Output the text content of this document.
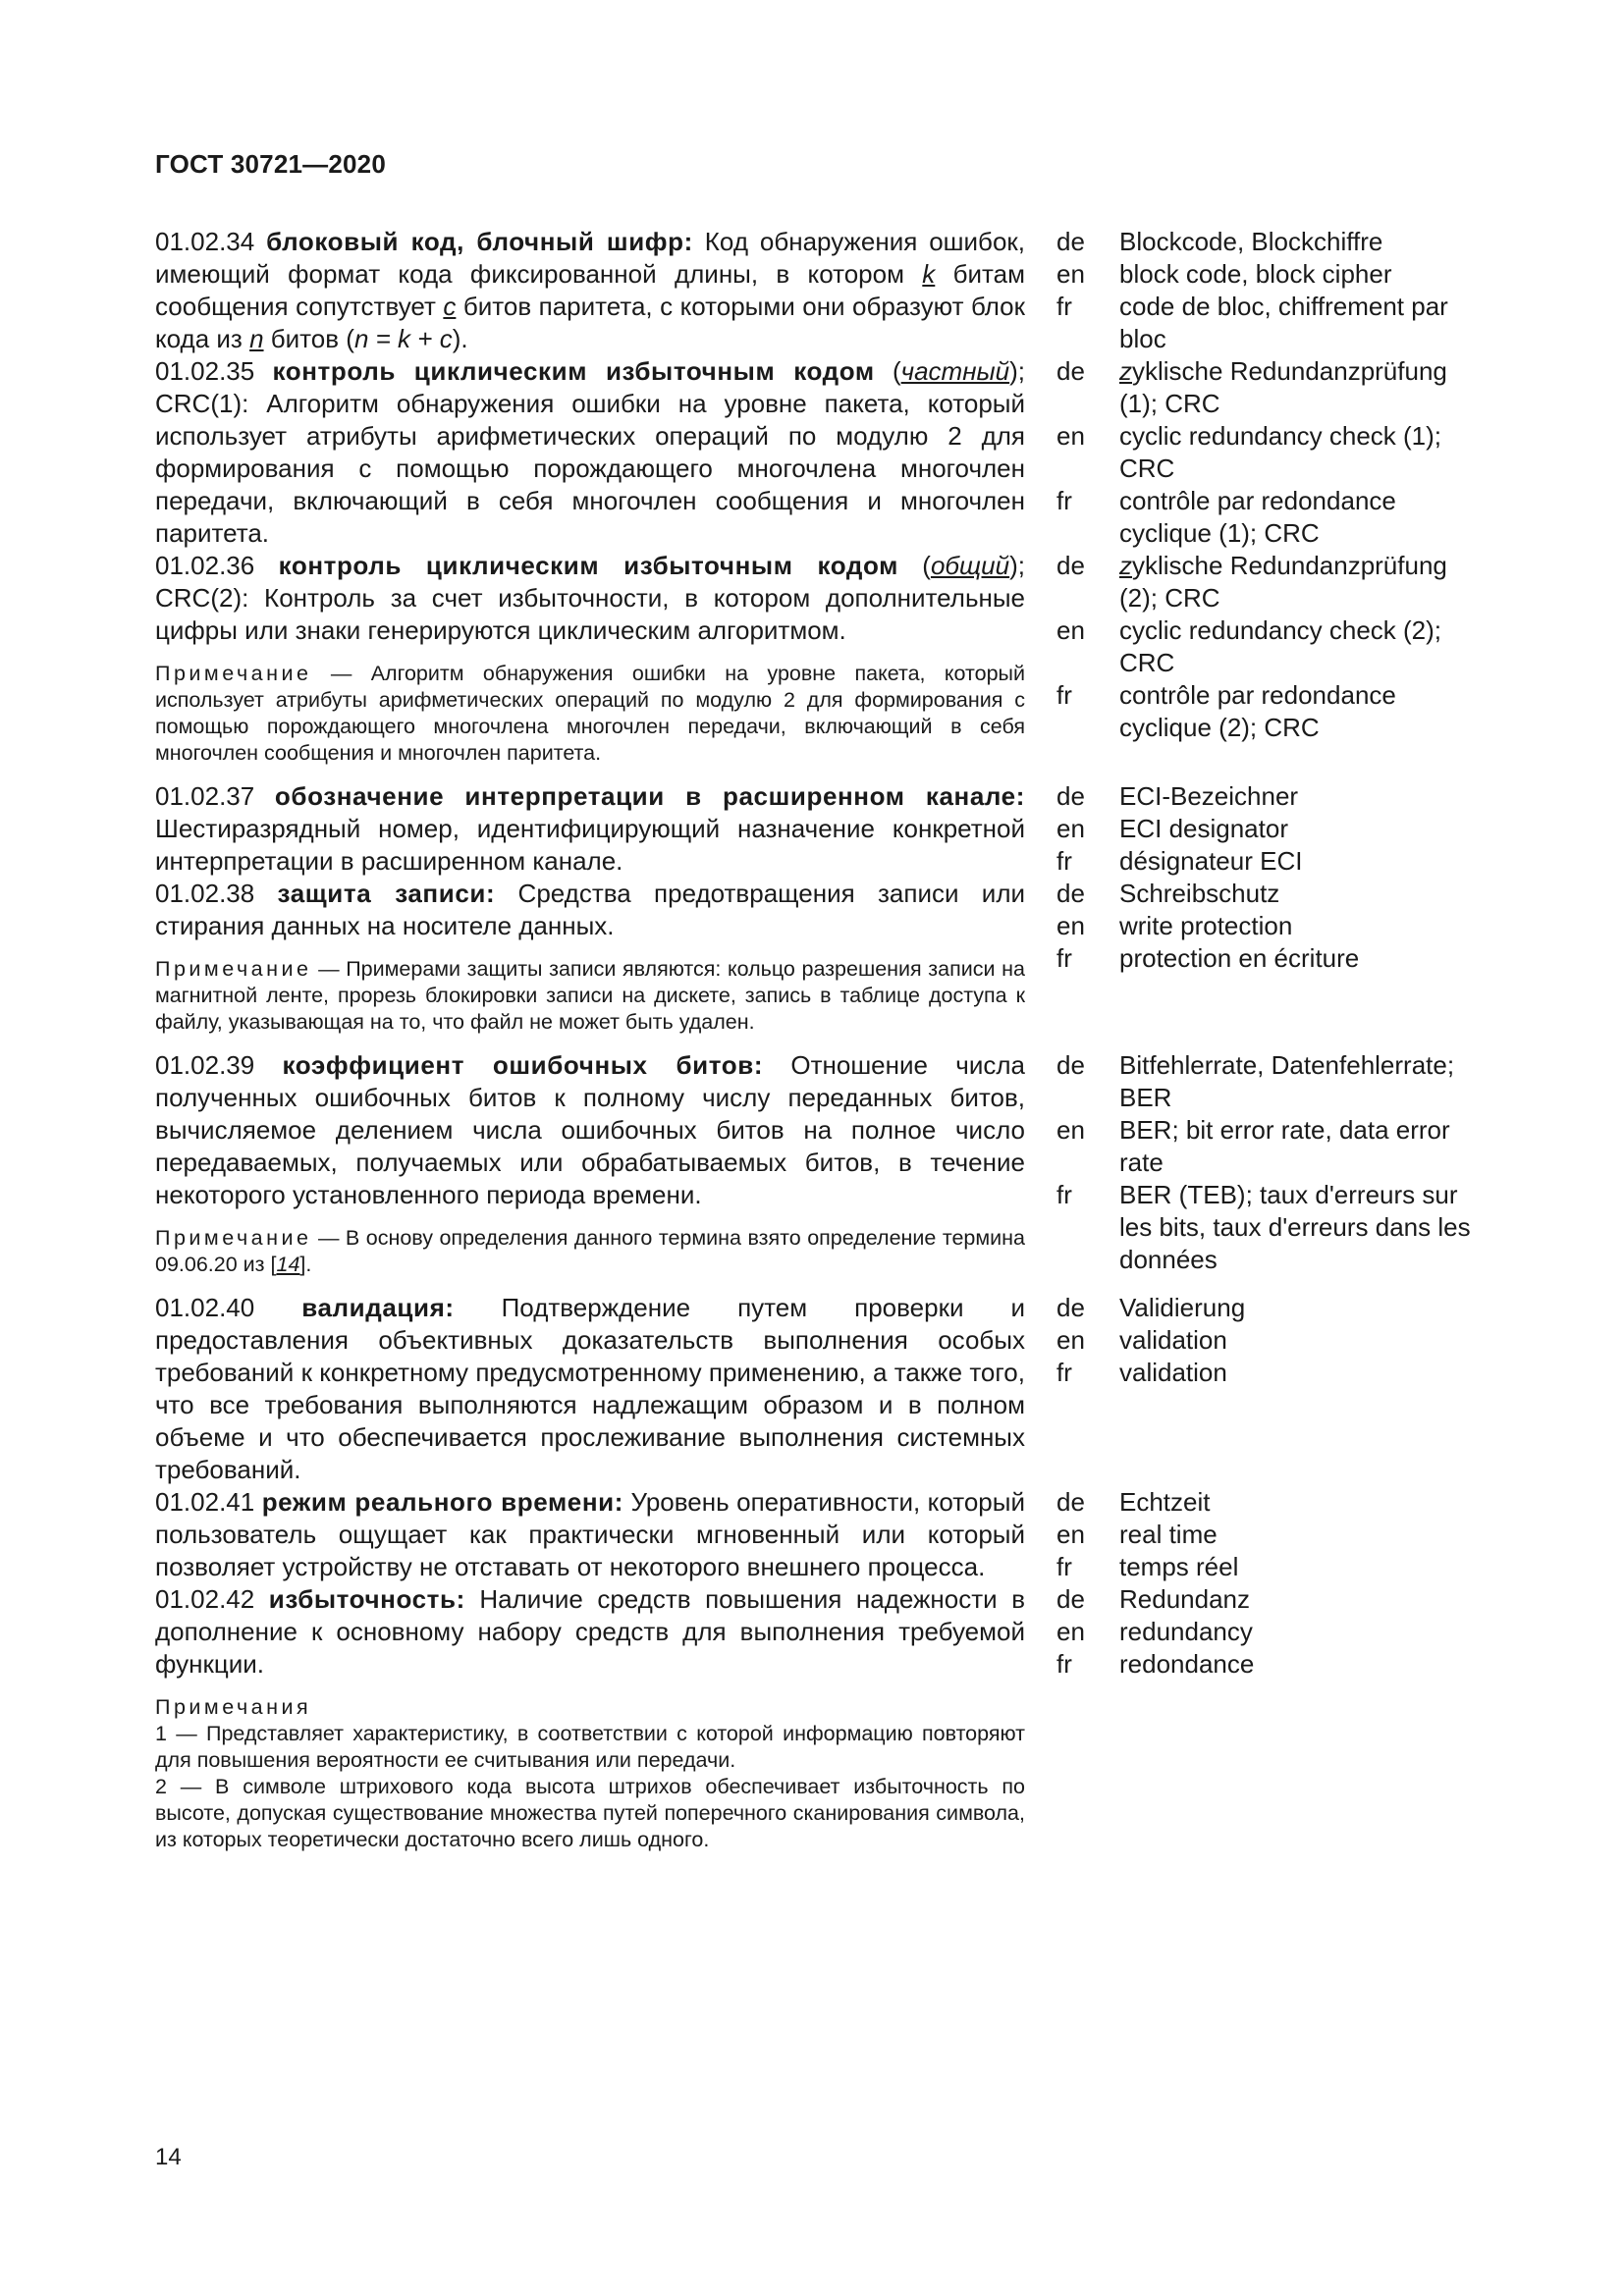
ГОСТ 30721—2020
01.02.34 блоковый код, блочный шифр: Код обнаружения ошибок, имеющий формат кода фиксированной длины, в котором k битам сообщения сопутствует c битов паритета, с которыми они образуют блок кода из n битов (n = k + c).
de	Blockcode, Blockchiffre
en	block code, block cipher
fr	code de bloc, chiffrement par bloc
01.02.35 контроль циклическим избыточным кодом (частный); CRC(1): Алгоритм обнаружения ошибки на уровне пакета, который использует атрибуты арифметических операций по модулю 2 для формирования с помощью порождающего многочлена многочлен передачи, включающий в себя многочлен сообщения и многочлен паритета.
de	zyklische Redundanzprüfung (1); CRC
en	cyclic redundancy check (1); CRC
fr	contrôle par redondance cyclique (1); CRC
01.02.36 контроль циклическим избыточным кодом (общий); CRC(2): Контроль за счет избыточности, в котором дополнительные цифры или знаки генерируются циклическим алгоритмом.
Примечание — Алгоритм обнаружения ошибки на уровне пакета, который использует атрибуты арифметических операций по модулю 2 для формирования с помощью порождающего многочлена многочлен передачи, включающий в себя многочлен сообщения и многочлен паритета.
de	zyklische Redundanzprüfung (2); CRC
en	cyclic redundancy check (2); CRC
fr	contrôle par redondance cyclique (2); CRC
01.02.37 обозначение интерпретации в расширенном канале: Шестиразрядный номер, идентифицирующий назначение конкретной интерпретации в расширенном канале.
de	ECI-Bezeichner
en	ECI designator
fr	désignateur ECI
01.02.38 защита записи: Средства предотвращения записи или стирания данных на носителе данных.
Примечание — Примерами защиты записи являются: кольцо разрешения записи на магнитной ленте, прорезь блокировки записи на дискете, запись в таблице доступа к файлу, указывающая на то, что файл не может быть удален.
de	Schreibschutz
en	write protection
fr	protection en écriture
01.02.39 коэффициент ошибочных битов: Отношение числа полученных ошибочных битов к полному числу переданных битов, вычисляемое делением числа ошибочных битов на полное число передаваемых, получаемых или обрабатываемых битов, в течение некоторого установленного периода времени.
Примечание — В основу определения данного термина взято определение термина 09.06.20 из [14].
de	Bitfehlerrate, Datenfehlerrate; BER
en	BER; bit error rate, data error rate
fr	BER (TEB); taux d'erreurs sur les bits, taux d'erreurs dans les données
01.02.40 валидация: Подтверждение путем проверки и предоставления объективных доказательств выполнения особых требований к конкретному предусмотренному применению, а также того, что все требования выполняются надлежащим образом и в полном объеме и что обеспечивается прослеживание выполнения системных требований.
de	Validierung
en	validation
fr	validation
01.02.41 режим реального времени: Уровень оперативности, который пользователь ощущает как практически мгновенный или который позволяет устройству не отставать от некоторого внешнего процесса.
de	Echtzeit
en	real time
fr	temps réel
01.02.42 избыточность: Наличие средств повышения надежности в дополнение к основному набору средств для выполнения требуемой функции.
Примечания
1 — Представляет характеристику, в соответствии с которой информацию повторяют для повышения вероятности ее считывания или передачи.
2 — В символе штрихового кода высота штрихов обеспечивает избыточность по высоте, допуская существование множества путей поперечного сканирования символа, из которых теоретически достаточно всего лишь одного.
de	Redundanz
en	redundancy
fr	redondance
14
